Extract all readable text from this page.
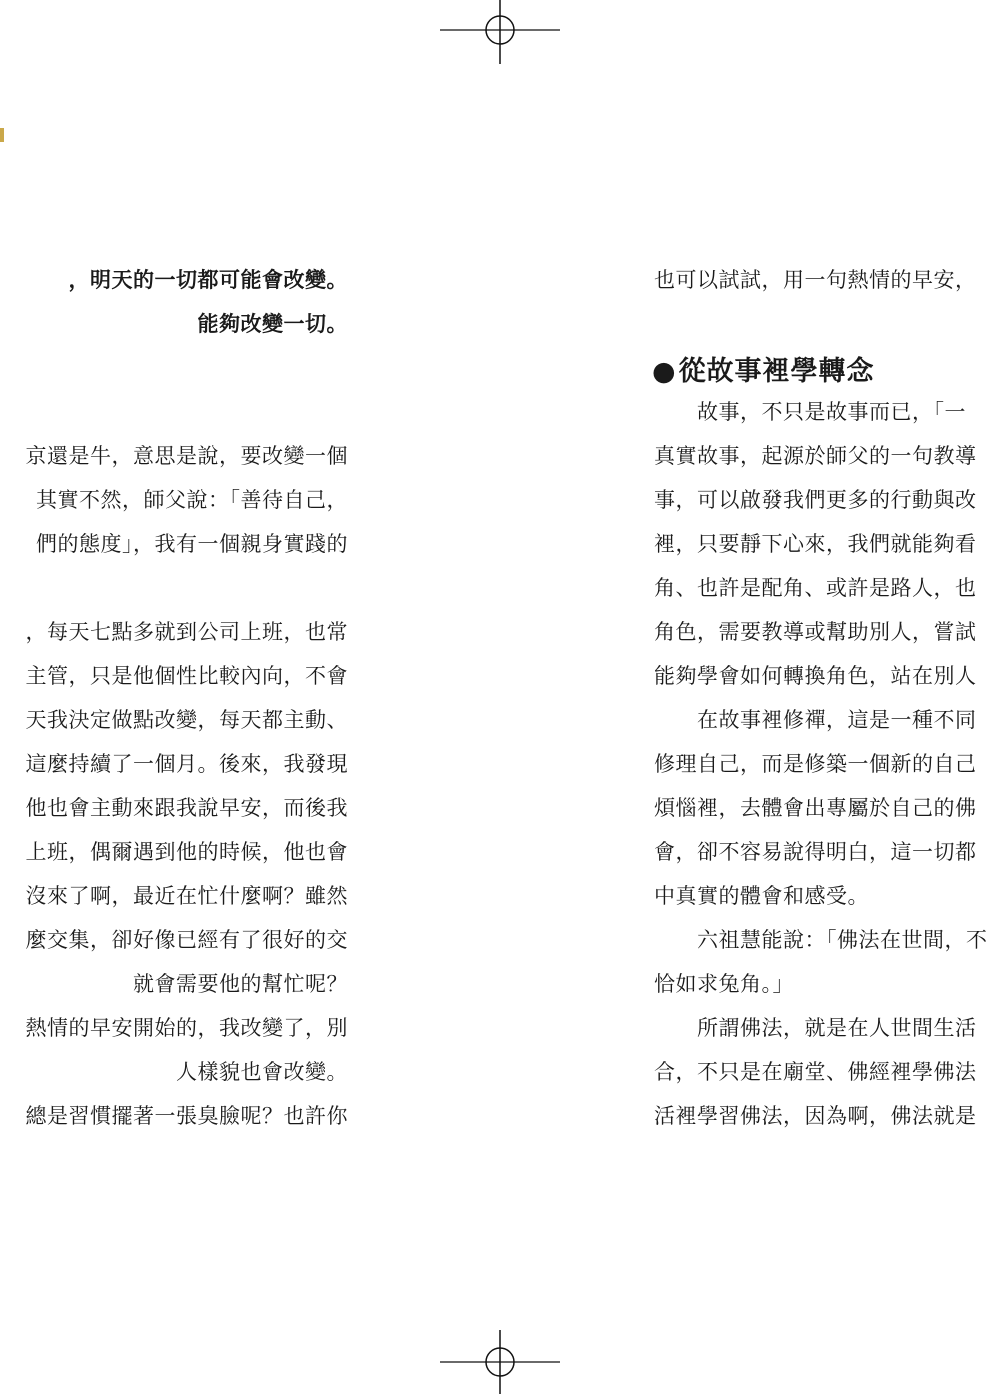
，明天的一切都可能會改變。
能夠改變一切。
京還是牛，意思是說，要改變一個
其實不然，師父說：「善待自己，
們的態度」，我有一個親身實踐的
，每天七點多就到公司上班，也常
主管，只是他個性比較內向，不會
天我決定做點改變，每天都主動、
這麼持續了一個月。後來，我發現
他也會主動來跟我說早安，而後我
上班，偶爾遇到他的時候，他也會
沒來了啊，最近在忙什麼啊？雖然
麼交集，卻好像已經有了很好的交
就會需要他的幫忙呢？
熱情的早安開始的，我改變了，別
人樣貌也會改變。
總是習慣擺著一張臭臉呢？也許你
也可以試試，用一句熱情的早安，
●從故事裡學轉念
　　故事，不只是故事而已，「一
真實故事，起源於師父的一句教導
事，可以啟發我們更多的行動與改
裡，只要靜下心來，我們就能夠看
角、也許是配角、或許是路人，也
角色，需要教導或幫助別人，嘗試
能夠學會如何轉換角色，站在別人
　　在故事裡修禪，這是一種不同
修理自己，而是修築一個新的自己
煩惱裡，去體會出專屬於自己的佛
會，卻不容易說得明白，這一切都
中真實的體會和感受。
　　六祖慧能說：「佛法在世間，不
恰如求兔角。」
　　所謂佛法，就是在人世間生活
合，不只是在廟堂、佛經裡學佛法
活裡學習佛法，因為啊，佛法就是
